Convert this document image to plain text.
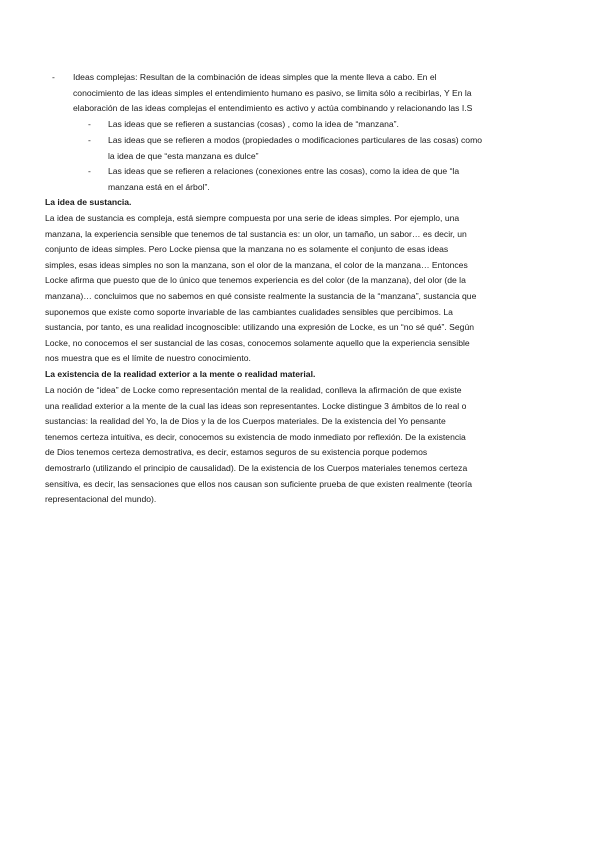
- Ideas complejas: Resultan de la combinación de ideas simples que la mente lleva a cabo. En el
conocimiento de las ideas simples el entendimiento humano es pasivo, se limita sólo a recibirlas, Y En la
elaboración de las ideas complejas el entendimiento es activo y actúa combinando y relacionando las I.S
- Las ideas que se refieren a sustancias (cosas) , como la idea de “manzana”.
- Las ideas que se refieren a modos (propiedades o modificaciones particulares de las cosas) como
la idea de que “esta manzana es dulce”
- Las ideas que se refieren a relaciones (conexiones entre las cosas), como la idea de que “la
manzana está en el árbol”.
La idea de sustancia.
La idea de sustancia es compleja, está siempre compuesta por una serie de ideas simples. Por ejemplo, una
manzana, la experiencia sensible que tenemos de tal sustancia es: un olor, un tamaño, un sabor… es decir, un
conjunto de ideas simples. Pero Locke piensa que la manzana no es solamente el conjunto de esas ideas
simples, esas ideas simples no son la manzana, son el olor de la manzana, el color de la manzana… Entonces
Locke afirma que puesto que de lo único que tenemos experiencia es del color (de la manzana), del olor (de la
manzana)… concluimos que no sabemos en qué consiste realmente la sustancia de la “manzana”, sustancia que
suponemos que existe como soporte invariable de las cambiantes cualidades sensibles que percibimos. La
sustancia, por tanto, es una realidad incognoscible: utilizando una expresión de Locke, es un “no sé qué”. Según
Locke, no conocemos el ser sustancial de las cosas, conocemos solamente aquello que la experiencia sensible
nos muestra que es el límite de nuestro conocimiento.
La existencia de la realidad exterior a la mente o realidad material.
La noción de “idea” de Locke como representación mental de la realidad, conlleva la afirmación de que existe
una realidad exterior a la mente de la cual las ideas son representantes. Locke distingue 3 ámbitos de lo real o
sustancias: la realidad del Yo, la de Dios y la de los Cuerpos materiales. De la existencia del Yo pensante
tenemos certeza intuitiva, es decir, conocemos su existencia de modo inmediato por reflexión. De la existencia
de Dios tenemos certeza demostrativa, es decir, estamos seguros de su existencia porque podemos
demostrarlo (utilizando el principio de causalidad). De la existencia de los Cuerpos materiales tenemos certeza
sensitiva, es decir, las sensaciones que ellos nos causan son suficiente prueba de que existen realmente (teoría
representacional del mundo).
